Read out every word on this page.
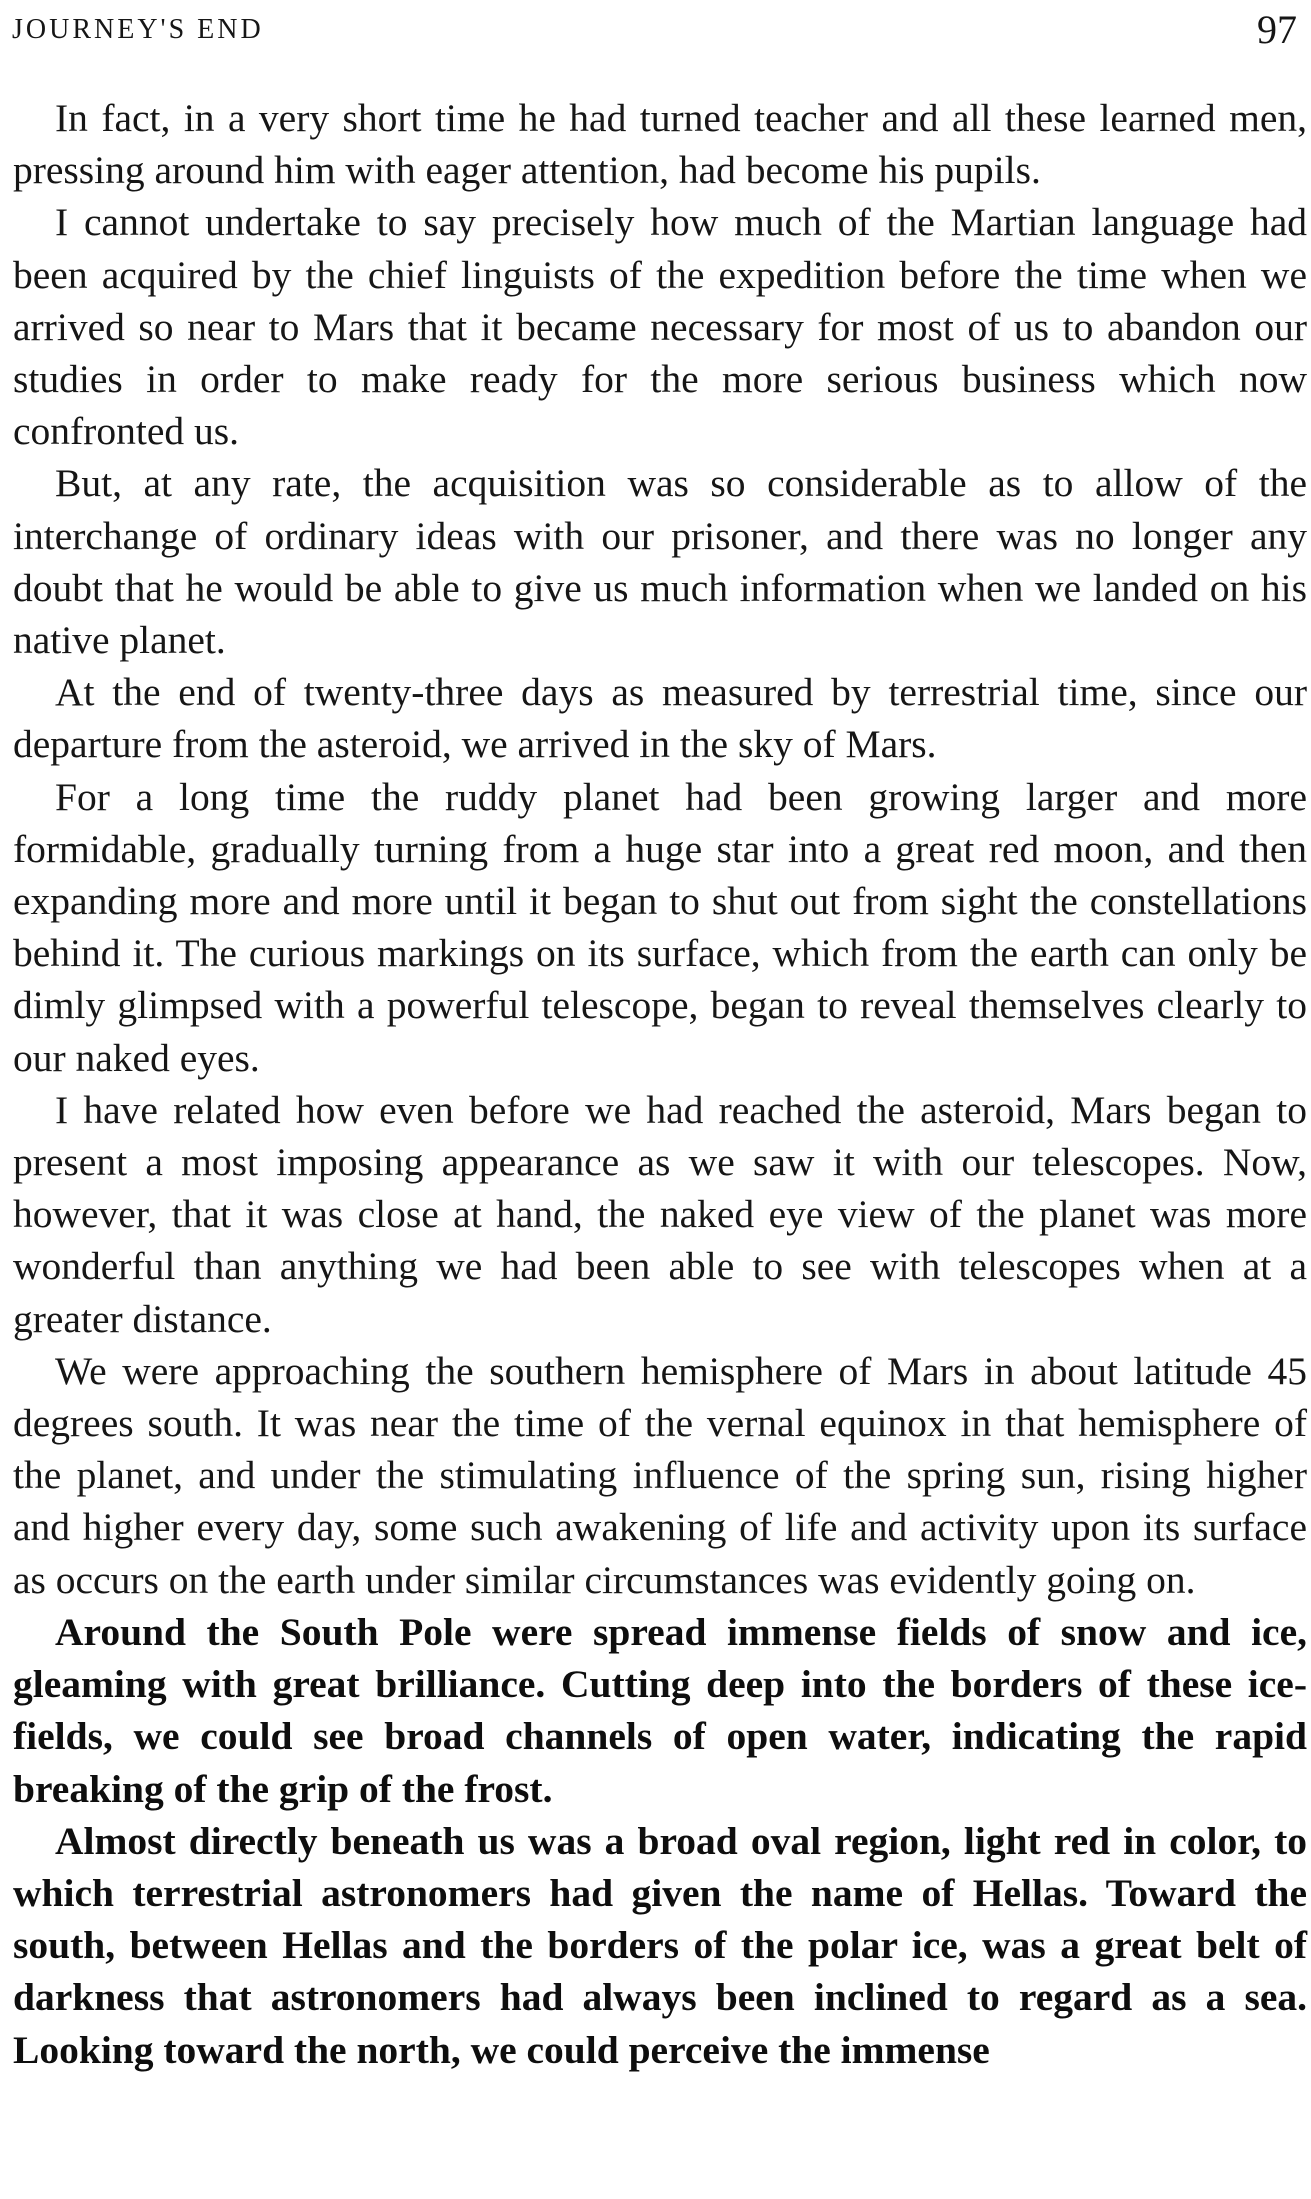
JOURNEY'S END	97

In fact, in a very short time he had turned teacher and all these learned men, pressing around him with eager attention, had become his pupils.

I cannot undertake to say precisely how much of the Martian language had been acquired by the chief linguists of the expedition before the time when we arrived so near to Mars that it became necessary for most of us to abandon our studies in order to make ready for the more serious business which now confronted us.

But, at any rate, the acquisition was so considerable as to allow of the interchange of ordinary ideas with our prisoner, and there was no longer any doubt that he would be able to give us much information when we landed on his native planet.

At the end of twenty-three days as measured by terrestrial time, since our departure from the asteroid, we arrived in the sky of Mars.

For a long time the ruddy planet had been growing larger and more formidable, gradually turning from a huge star into a great red moon, and then expanding more and more until it began to shut out from sight the constellations behind it. The curious markings on its surface, which from the earth can only be dimly glimpsed with a powerful telescope, began to reveal themselves clearly to our naked eyes.

I have related how even before we had reached the asteroid, Mars began to present a most imposing appearance as we saw it with our telescopes. Now, however, that it was close at hand, the naked eye view of the planet was more wonderful than anything we had been able to see with telescopes when at a greater distance.

We were approaching the southern hemisphere of Mars in about latitude 45 degrees south. It was near the time of the vernal equinox in that hemisphere of the planet, and under the stimulating influence of the spring sun, rising higher and higher every day, some such awakening of life and activity upon its surface as occurs on the earth under similar circumstances was evidently going on.

Around the South Pole were spread immense fields of snow and ice, gleaming with great brilliance. Cutting deep into the borders of these ice-fields, we could see broad channels of open water, indicating the rapid breaking of the grip of the frost.

Almost directly beneath us was a broad oval region, light red in color, to which terrestrial astronomers had given the name of Hellas. Toward the south, between Hellas and the borders of the polar ice, was a great belt of darkness that astronomers had always been inclined to regard as a sea. Looking toward the north, we could perceive the immense
